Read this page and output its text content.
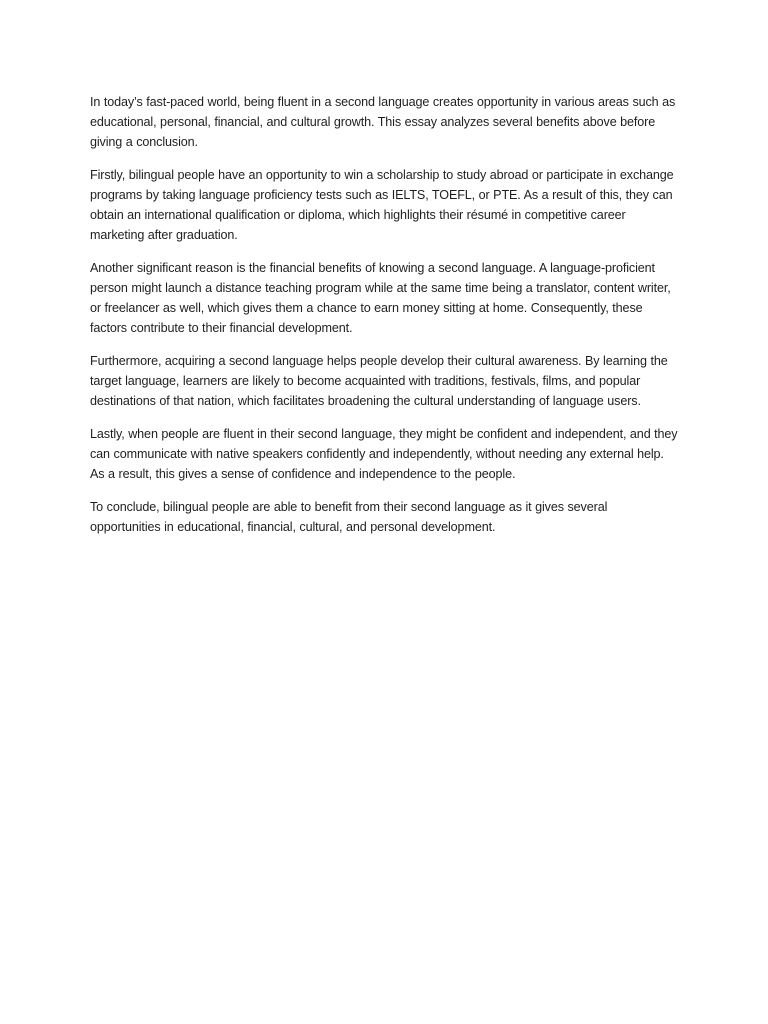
In today’s fast-paced world, being fluent in a second language creates opportunity in various areas such as educational, personal, financial, and cultural growth. This essay analyzes several benefits above before giving a conclusion.

Firstly, bilingual people have an opportunity to win a scholarship to study abroad or participate in exchange programs by taking language proficiency tests such as IELTS, TOEFL, or PTE. As a result of this, they can obtain an international qualification or diploma, which highlights their résumé in competitive career marketing after graduation.

Another significant reason is the financial benefits of knowing a second language. A language-proficient person might launch a distance teaching program while at the same time being a translator, content writer, or freelancer as well, which gives them a chance to earn money sitting at home. Consequently, these factors contribute to their financial development.

Furthermore, acquiring a second language helps people develop their cultural awareness. By learning the target language, learners are likely to become acquainted with traditions, festivals, films, and popular destinations of that nation, which facilitates broadening the cultural understanding of language users.

Lastly, when people are fluent in their second language, they might be confident and independent, and they can communicate with native speakers confidently and independently, without needing any external help. As a result, this gives a sense of confidence and independence to the people.

To conclude, bilingual people are able to benefit from their second language as it gives several opportunities in educational, financial, cultural, and personal development.
